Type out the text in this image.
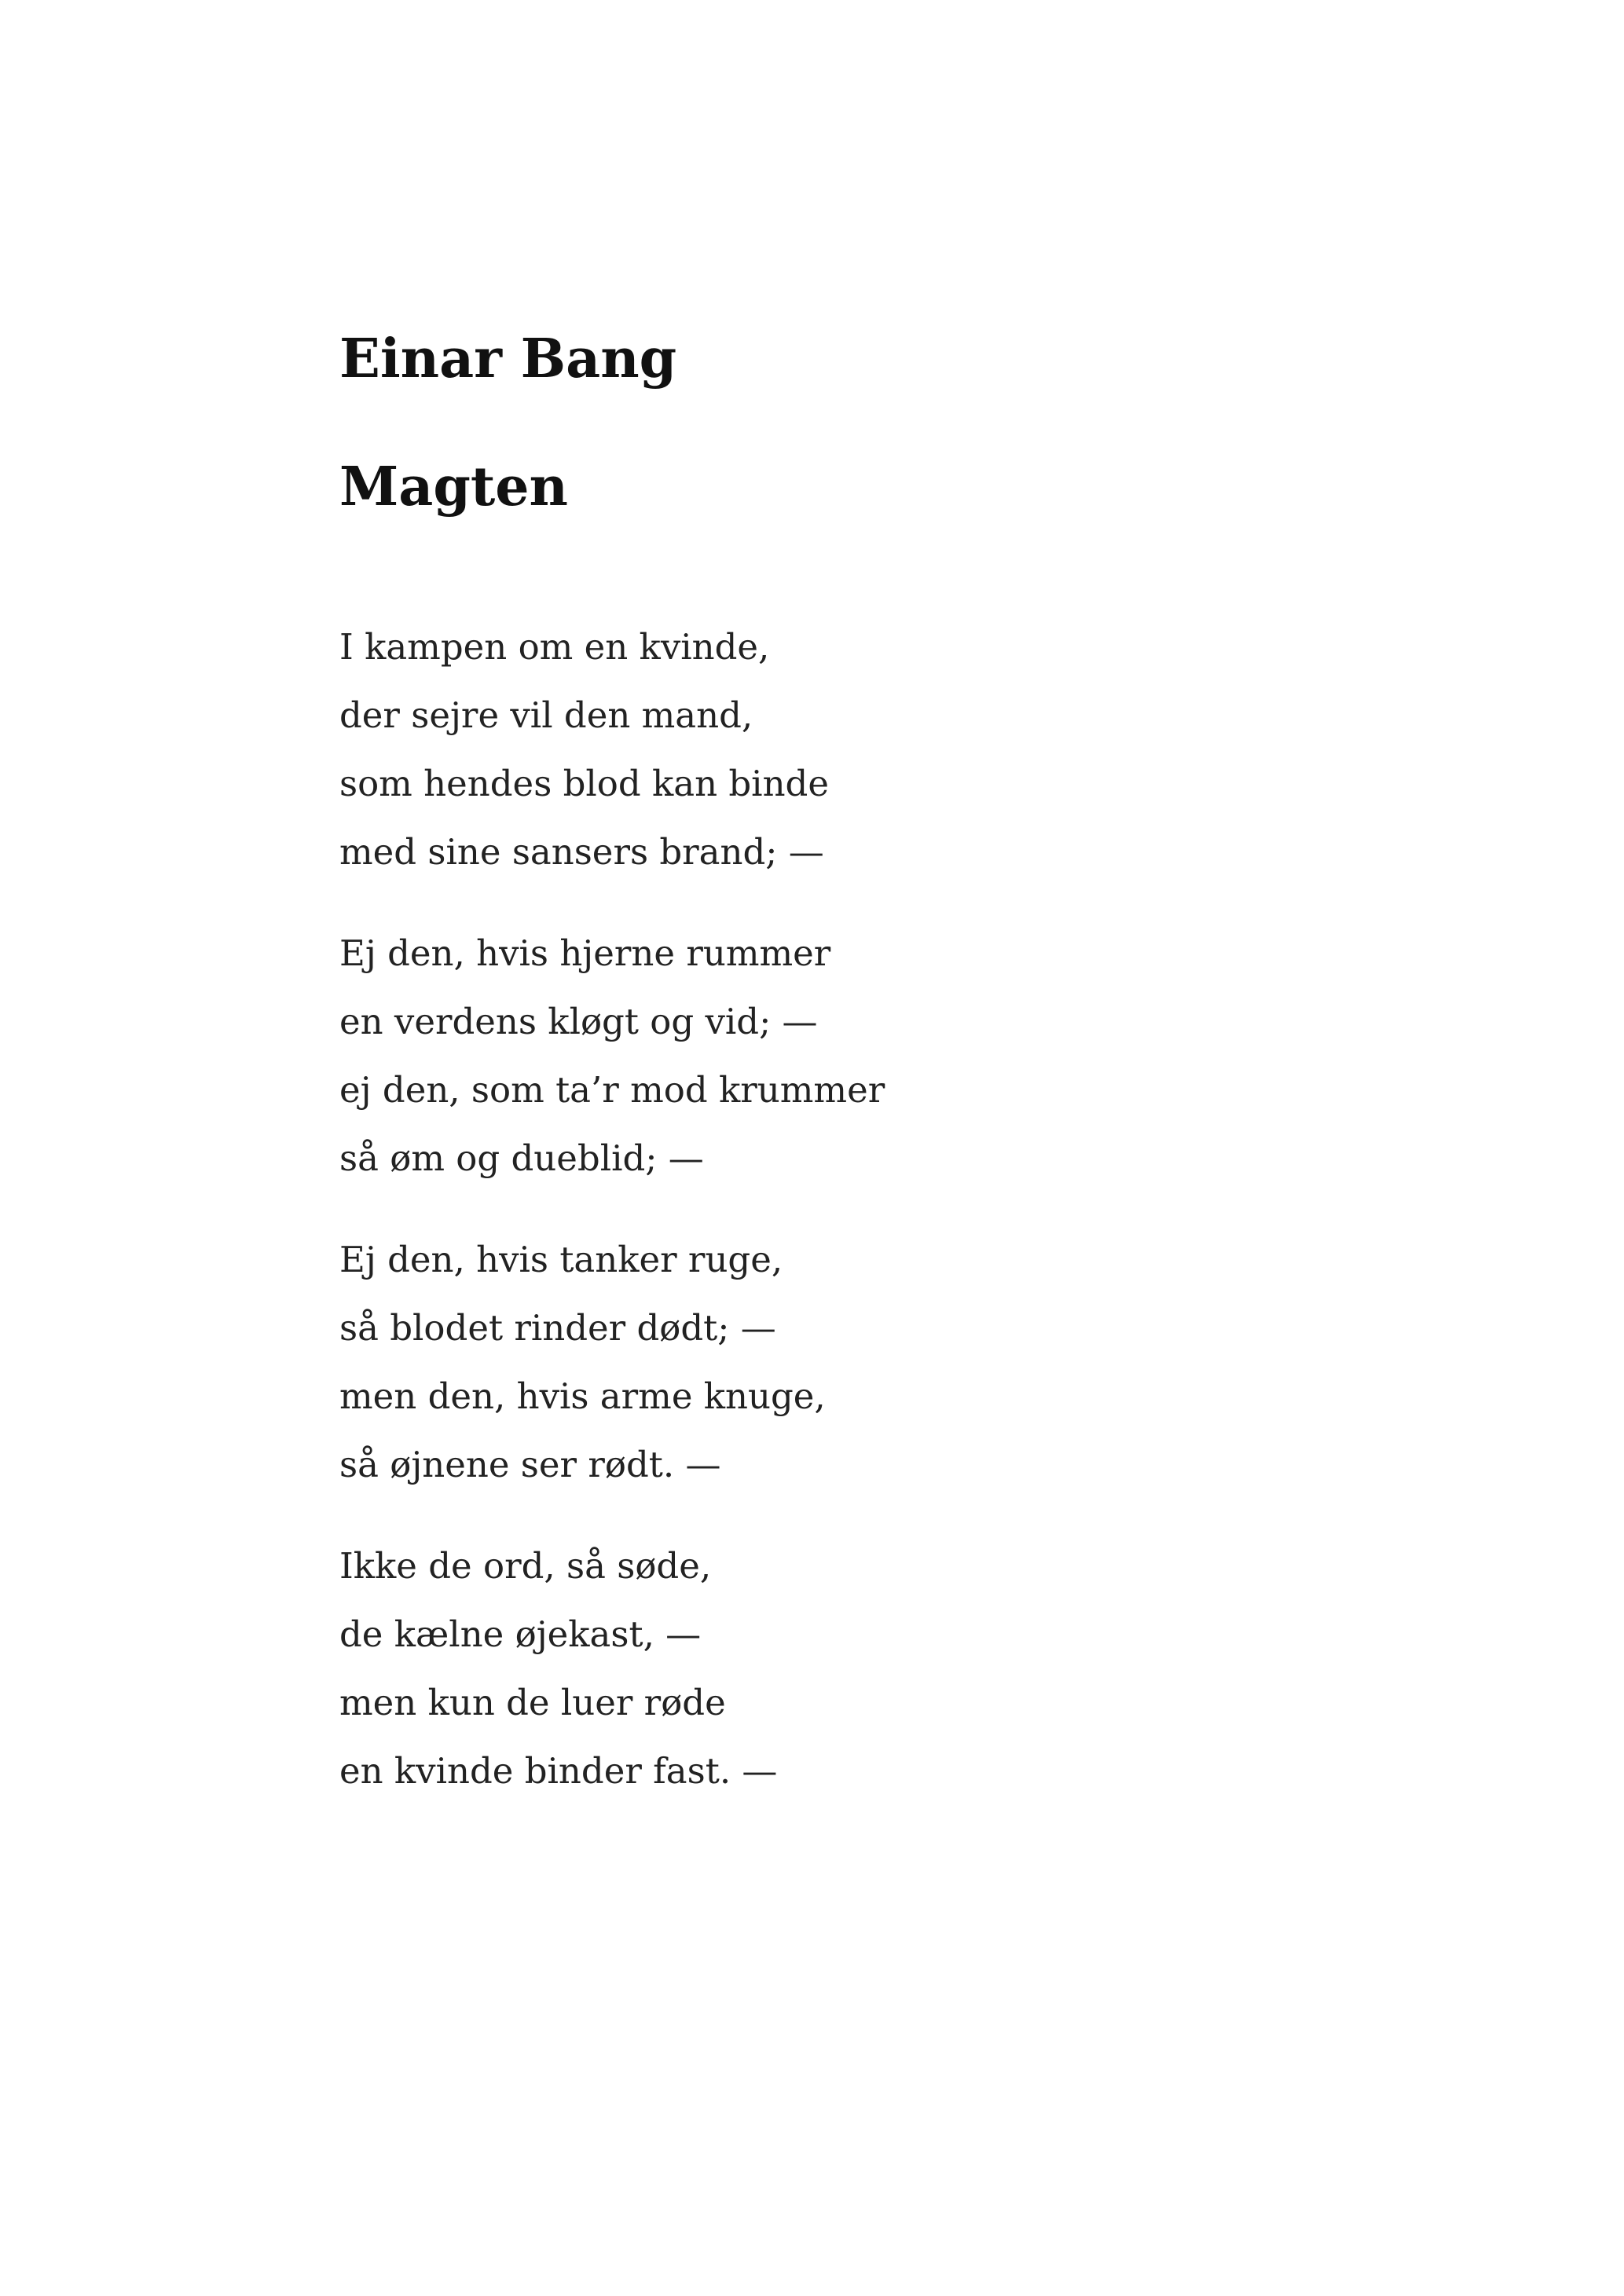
Einar Bang
Magten
I kampen om en kvinde,
der sejre vil den mand,
som hendes blod kan binde
med sine sansers brand; —
Ej den, hvis hjerne rummer
en verdens kløgt og vid; —
ej den, som ta’r mod krummer
så øm og dueblid; —
Ej den, hvis tanker ruge,
så blodet rinder dødt; —
men den, hvis arme knuge,
så øjnene ser rødt. —
Ikke de ord, så søde,
de kælne øjekast, —
men kun de luer røde
en kvinde binder fast. —
